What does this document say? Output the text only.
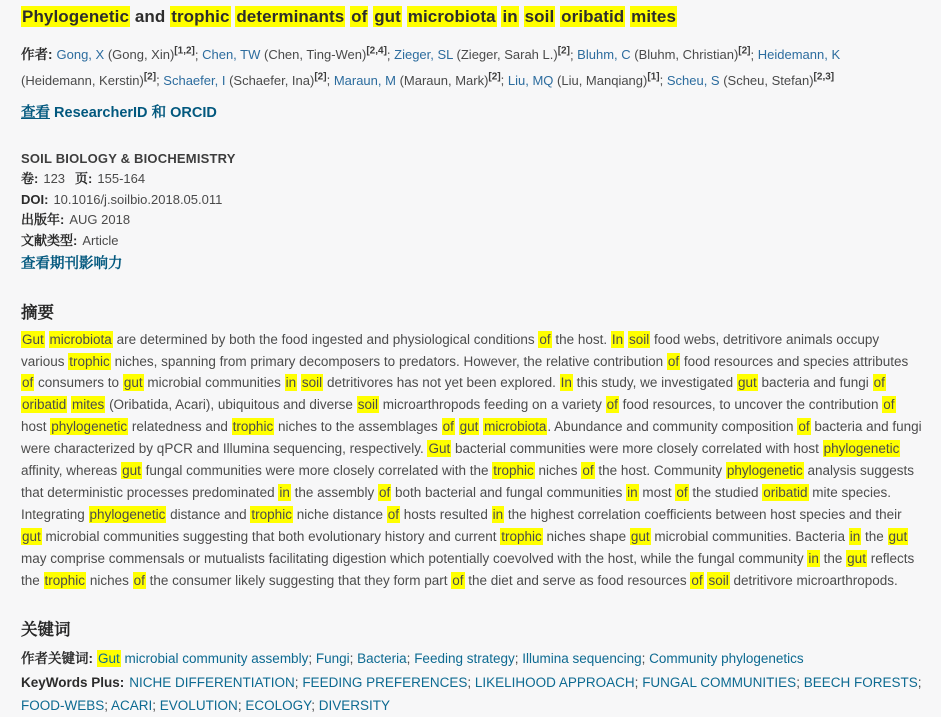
Phylogenetic and trophic determinants of gut microbiota in soil oribatid mites
作者: Gong, X (Gong, Xin)[1,2]; Chen, TW (Chen, Ting-Wen)[2,4]; Zieger, SL (Zieger, Sarah L.)[2]; Bluhm, C (Bluhm, Christian)[2]; Heidemann, K (Heidemann, Kerstin)[2]; Schaefer, I (Schaefer, Ina)[2]; Maraun, M (Maraun, Mark)[2]; Liu, MQ (Liu, Manqiang)[1]; Scheu, S (Scheu, Stefan)[2,3]
查看 ResearcherID 和 ORCID
SOIL BIOLOGY & BIOCHEMISTRY
卷: 123 页: 155-164
DOI: 10.1016/j.soilbio.2018.05.011
出版年: AUG 2018
文献类型: Article
查看期刊影响力
摘要
Gut microbiota are determined by both the food ingested and physiological conditions of the host. In soil food webs, detritivore animals occupy various trophic niches, spanning from primary decomposers to predators. However, the relative contribution of food resources and species attributes of consumers to gut microbial communities in soil detritivores has not yet been explored. In this study, we investigated gut bacteria and fungi of oribatid mites (Oribatida, Acari), ubiquitous and diverse soil microarthropods feeding on a variety of food resources, to uncover the contribution of host phylogenetic relatedness and trophic niches to the assemblages of gut microbiota. Abundance and community composition of bacteria and fungi were characterized by qPCR and Illumina sequencing, respectively. Gut bacterial communities were more closely correlated with host phylogenetic affinity, whereas gut fungal communities were more closely correlated with the trophic niches of the host. Community phylogenetic analysis suggests that deterministic processes predominated in the assembly of both bacterial and fungal communities in most of the studied oribatid mite species. Integrating phylogenetic distance and trophic niche distance of hosts resulted in the highest correlation coefficients between host species and their gut microbial communities suggesting that both evolutionary history and current trophic niches shape gut microbial communities. Bacteria in the gut may comprise commensals or mutualists facilitating digestion which potentially coevolved with the host, while the fungal community in the gut reflects the trophic niches of the consumer likely suggesting that they form part of the diet and serve as food resources of soil detritivore microarthropods.
关键词
作者关键词: Gut microbial community assembly; Fungi; Bacteria; Feeding strategy; Illumina sequencing; Community phylogenetics
KeyWords Plus: NICHE DIFFERENTIATION; FEEDING PREFERENCES; LIKELIHOOD APPROACH; FUNGAL COMMUNITIES; BEECH FORESTS; FOOD-WEBS; ACARI; EVOLUTION; ECOLOGY; DIVERSITY
